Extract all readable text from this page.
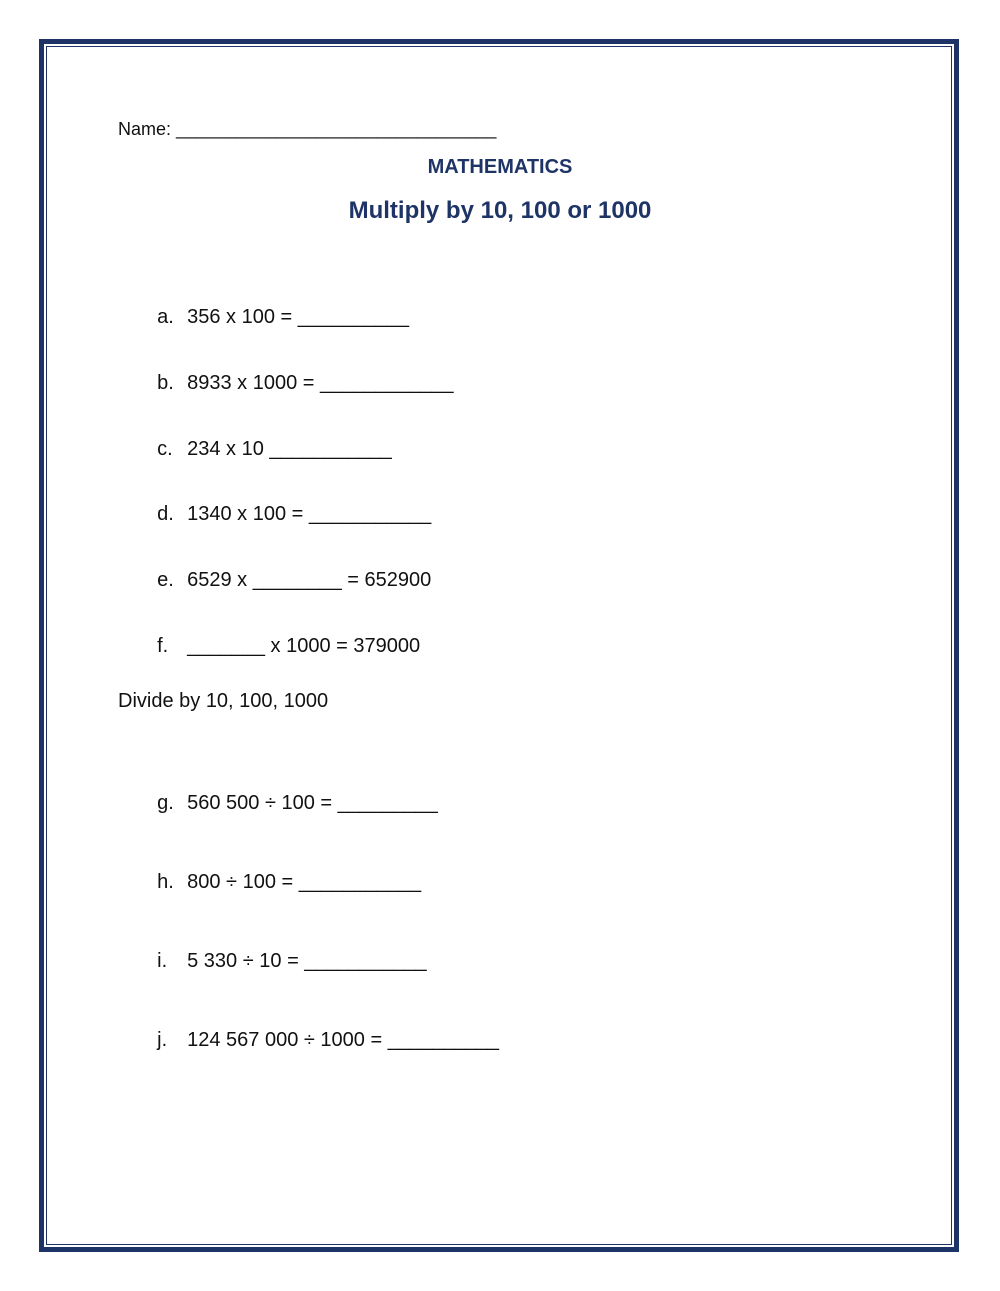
Name: ________________________________
MATHEMATICS
Multiply by 10, 100 or 1000

a. 356 x 100 = __________

b. 8933 x 1000 = ____________

c. 234 x 10 ___________

d. 1340 x 100 = ___________

e. 6529 x ________ = 652900

f. _______ x 1000 = 379000

Divide by 10, 100, 1000

g. 560 500 ÷ 100 = _________

h. 800 ÷ 100 = ___________

i. 5 330 ÷ 10 = ___________

j. 124 567 000 ÷ 1000 = __________
